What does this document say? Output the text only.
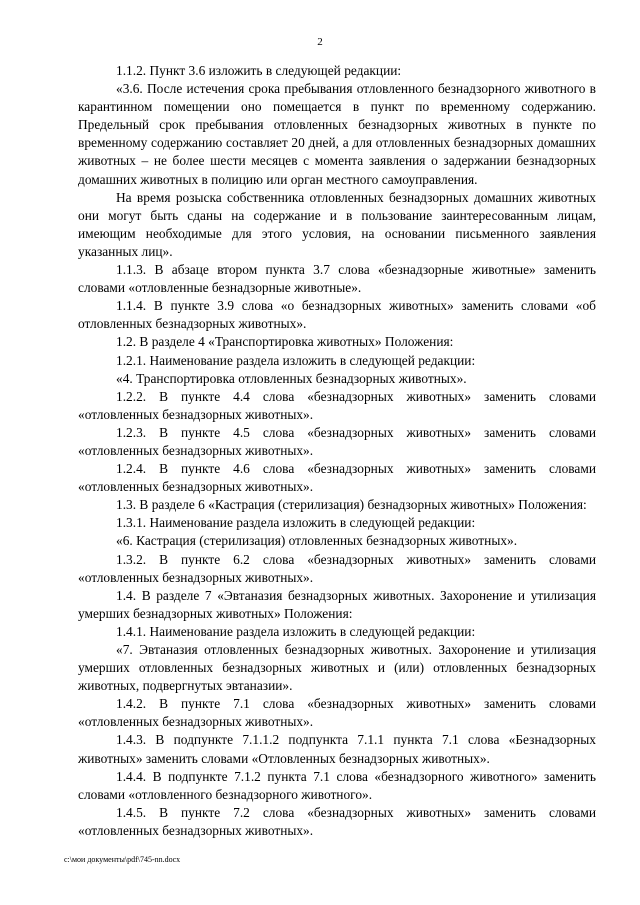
2

1.1.2. Пункт 3.6 изложить в следующей редакции:

«3.6. После истечения срока пребывания отловленного безнадзорного животного в карантинном помещении оно помещается в пункт по временному содержанию. Предельный срок пребывания отловленных безнадзорных животных в пункте по временному содержанию составляет 20 дней, а для отловленных безнадзорных домашних животных – не более шести месяцев с момента заявления о задержании безнадзорных домашних животных в полицию или орган местного самоуправления.

На время розыска собственника отловленных безнадзорных домашних животных они могут быть сданы на содержание и в пользование заинтересованным лицам, имеющим необходимые для этого условия, на основании письменного заявления указанных лиц».

1.1.3. В абзаце втором пункта 3.7 слова «безнадзорные животные» заменить словами «отловленные безнадзорные животные».

1.1.4. В пункте 3.9 слова «о безнадзорных животных» заменить словами «об отловленных безнадзорных животных».

1.2. В разделе 4 «Транспортировка животных» Положения:

1.2.1. Наименование раздела изложить в следующей редакции:

«4. Транспортировка отловленных безнадзорных животных».

1.2.2. В пункте 4.4 слова «безнадзорных животных» заменить словами «отловленных безнадзорных животных».

1.2.3. В пункте 4.5 слова «безнадзорных животных» заменить словами «отловленных безнадзорных животных».

1.2.4. В пункте 4.6 слова «безнадзорных животных» заменить словами «отловленных безнадзорных животных».

1.3. В разделе 6 «Кастрация (стерилизация) безнадзорных животных» Положения:

1.3.1. Наименование раздела изложить в следующей редакции:

«6. Кастрация (стерилизация) отловленных безнадзорных животных».

1.3.2. В пункте 6.2 слова «безнадзорных животных» заменить словами «отловленных безнадзорных животных».

1.4. В разделе 7 «Эвтаназия безнадзорных животных. Захоронение и утилизация умерших безнадзорных животных» Положения:

1.4.1. Наименование раздела изложить в следующей редакции:

«7. Эвтаназия отловленных безнадзорных животных. Захоронение и утилизация умерших отловленных безнадзорных животных и (или) отловленных безнадзорных животных, подвергнутых эвтаназии».

1.4.2. В пункте 7.1 слова «безнадзорных животных» заменить словами «отловленных безнадзорных животных».

1.4.3. В подпункте 7.1.1.2 подпункта 7.1.1 пункта 7.1 слова «Безнадзорных животных» заменить словами «Отловленных безнадзорных животных».

1.4.4. В подпункте 7.1.2 пункта 7.1 слова «безнадзорного животного» заменить словами «отловленного безнадзорного животного».

1.4.5. В пункте 7.2 слова «безнадзорных животных» заменить словами «отловленных безнадзорных животных».

c:\мои документы\pdf\745-nn.docx
